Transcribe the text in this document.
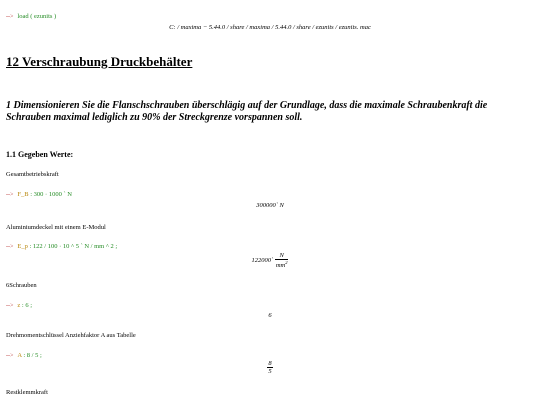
--> load ( ezunits )
C: / maxima − 5.44.0 / share / maxima / 5.44.0 / share / ezunits / ezunits. mac
12 Verschraubung Druckbehälter
1 Dimensionieren Sie die Flanschschrauben überschlägig auf der Grundlage, dass die maximale Schraubenkraft die Schrauben maximal lediglich zu 90% der Streckgrenze vorspannen soll.
1.1 Gegeben Werte:
Gesamtbetriebskraft
--> F_B : 300 · 1000 ` N
300000` N
Aluminiumdeckel mit einem E-Modul
--> E_p : 122 / 100 · 10 ^ 5 ` N / mm ^ 2 ;
122000` $\frac{N}{mm^2}$
6Schrauben
--> z : 6 ;
6
Drehmomentschlüssel Anziehfaktor A aus Tabelle
--> A : 8 / 5 ;
$\frac{8}{5}$
Restklemmkraft
